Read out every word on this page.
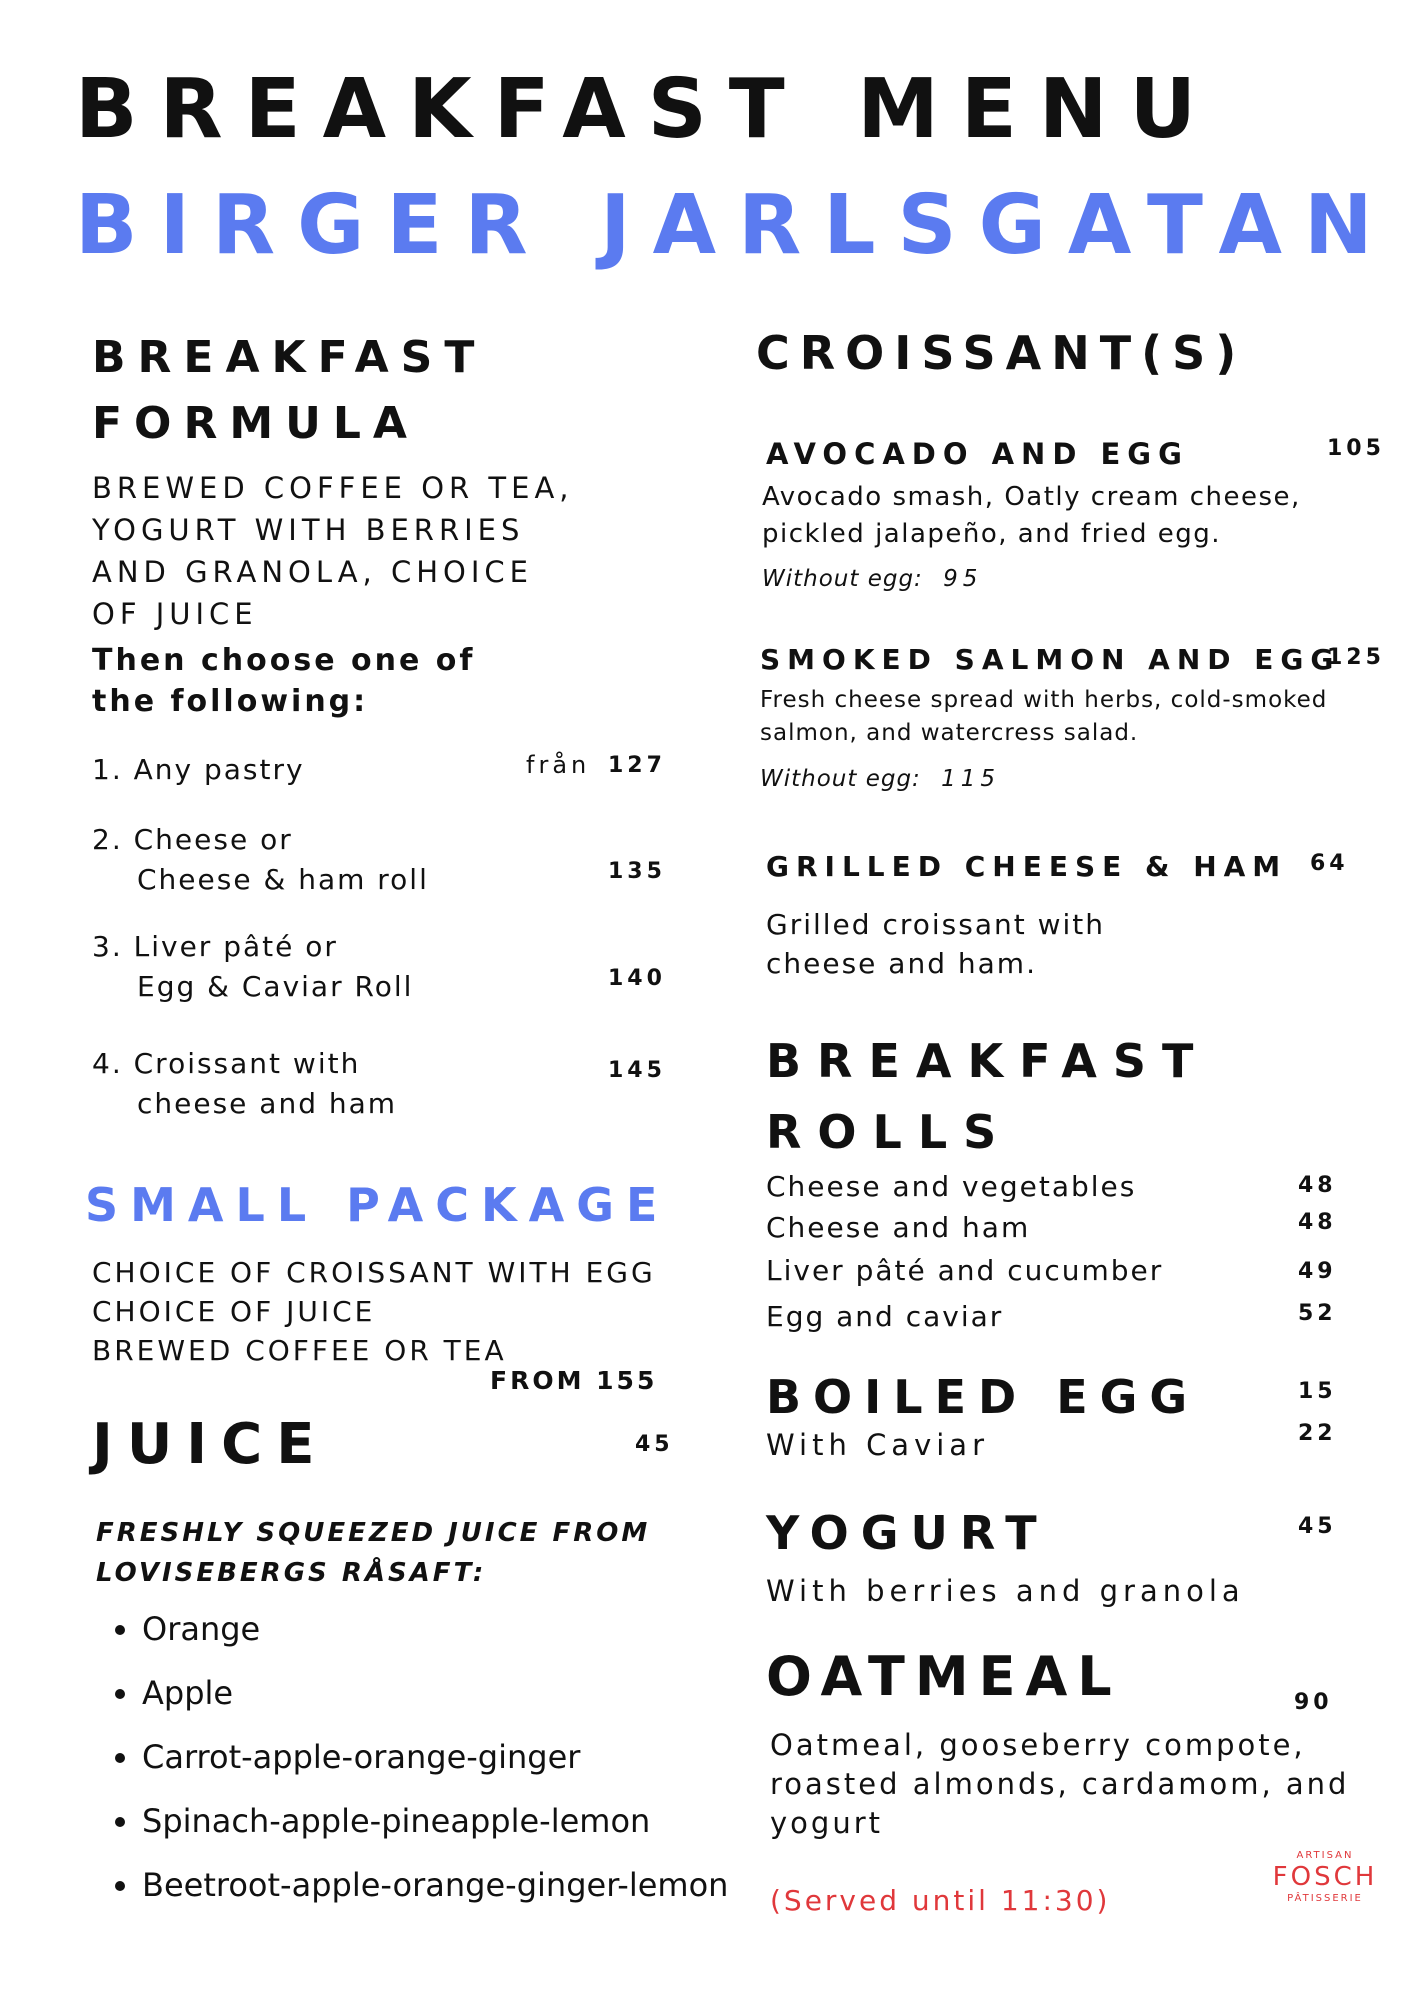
BREAKFAST MENU
BIRGER JARLSGATAN
BREAKFAST
FORMULA
BREWED COFFEE OR TEA,
YOGURT WITH BERRIES
AND GRANOLA, CHOICE
OF JUICE
Then choose one of
the following:
1. Any pastry	från 127
2. Cheese or
Cheese & ham roll	135
3. Liver pâté or
Egg & Caviar Roll	140
4. Croissant with
cheese and ham
145
SMALL PACKAGE
CHOICE OF CROISSANT WITH EGG
CHOICE OF JUICE
BREWED COFFEE OR TEA
FROM 155
JUICE	45
FRESHLY SQUEEZED JUICE FROM
LOVISEBERGS RÅSAFT:
• Orange
• Apple
• Carrot-apple-orange-ginger
• Spinach-apple-pineapple-lemon
• Beetroot-apple-orange-ginger-lemon
CROISSANT(S)
AVOCADO AND EGG	105
Avocado smash, Oatly cream cheese,
pickled jalapeño, and fried egg.
Without egg: 95
SMOKED SALMON AND EGG
125
Fresh cheese spread with herbs, cold-smoked
salmon, and watercress salad.
Without egg: 115
GRILLED CHEESE & HAM 64
Grilled croissant with
cheese and ham.
BREAKFAST
ROLLS
Cheese and vegetables	48
Cheese and ham	48
Liver pâté and cucumber	49
Egg and caviar	52
BOILED EGG	15
With Caviar	22
YOGURT	45
With berries and granola
OATMEAL	90
Oatmeal, gooseberry compote,
roasted almonds, cardamom, and
yogurt
(Served until 11:30)
ARTISAN
FOSCH
PÂTISSERIE
